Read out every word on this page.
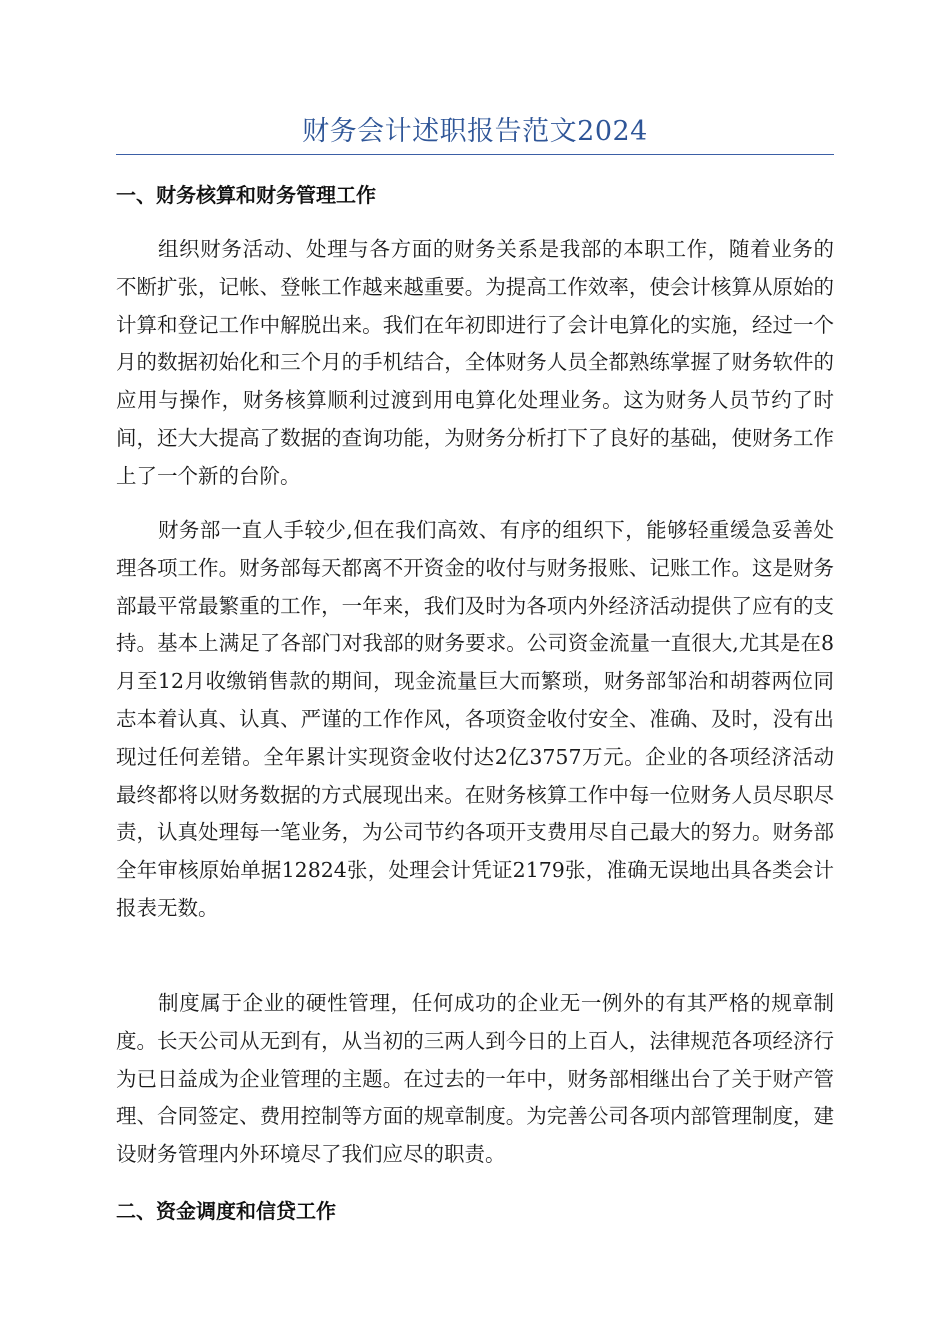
财务会计述职报告范文2024
一、财务核算和财务管理工作

组织财务活动、处理与各方面的财务关系是我部的本职工作，随着业务的不断扩张，记帐、登帐工作越来越重要。为提高工作效率，使会计核算从原始的计算和登记工作中解脱出来。我们在年初即进行了会计电算化的实施，经过一个月的数据初始化和三个月的手机结合，全体财务人员全都熟练掌握了财务软件的应用与操作，财务核算顺利过渡到用电算化处理业务。这为财务人员节约了时间，还大大提高了数据的查询功能，为财务分析打下了良好的基础，使财务工作上了一个新的台阶。

财务部一直人手较少,但在我们高效、有序的组织下，能够轻重缓急妥善处理各项工作。财务部每天都离不开资金的收付与财务报账、记账工作。这是财务部最平常最繁重的工作，一年来，我们及时为各项内外经济活动提供了应有的支持。基本上满足了各部门对我部的财务要求。公司资金流量一直很大,尤其是在8月至12月收缴销售款的期间，现金流量巨大而繁琐，财务部邹治和胡蓉两位同志本着认真、认真、严谨的工作作风，各项资金收付安全、准确、及时，没有出现过任何差错。全年累计实现资金收付达2亿3757万元。企业的各项经济活动最终都将以财务数据的方式展现出来。在财务核算工作中每一位财务人员尽职尽责，认真处理每一笔业务，为公司节约各项开支费用尽自己最大的努力。财务部全年审核原始单据12824张，处理会计凭证2179张，准确无误地出具各类会计报表无数。

制度属于企业的硬性管理，任何成功的企业无一例外的有其严格的规章制度。长天公司从无到有，从当初的三两人到今日的上百人，法律规范各项经济行为已日益成为企业管理的主题。在过去的一年中，财务部相继出台了关于财产管理、合同签定、费用控制等方面的规章制度。为完善公司各项内部管理制度，建设财务管理内外环境尽了我们应尽的职责。

二、资金调度和信贷工作
